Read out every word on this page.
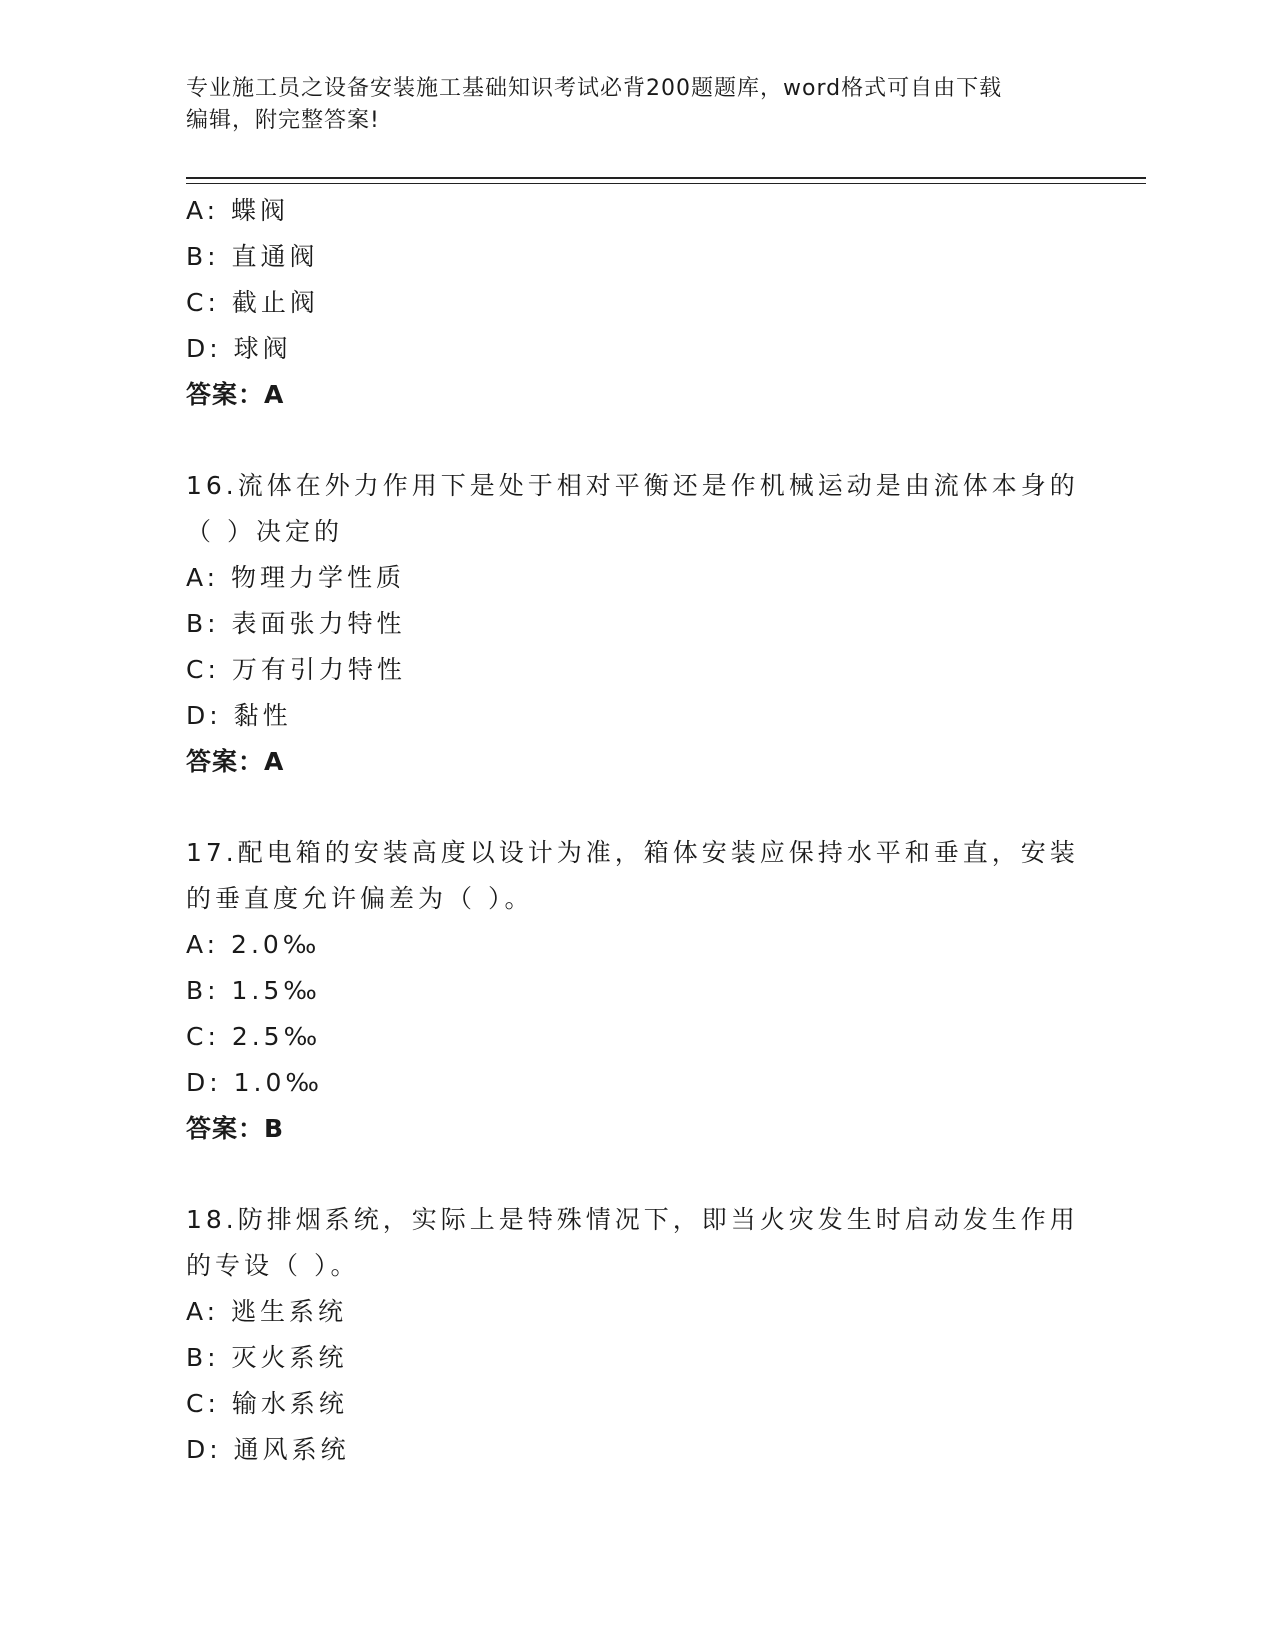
专业施工员之设备安装施工基础知识考试必背200题题库，word格式可自由下载
编辑，附完整答案!
A: 蝶阀
B: 直通阀
C: 截止阀
D: 球阀
答案：A
16.流体在外力作用下是处于相对平衡还是作机械运动是由流体本身的
（ ）决定的
A: 物理力学性质
B: 表面张力特性
C: 万有引力特性
D: 黏性
答案：A
17.配电箱的安装高度以设计为准，箱体安装应保持水平和垂直，安装
的垂直度允许偏差为（ ）。
A: 2.0‰
B: 1.5‰
C: 2.5‰
D: 1.0‰
答案：B
18.防排烟系统，实际上是特殊情况下，即当火灾发生时启动发生作用
的专设（ ）。
A: 逃生系统
B: 灭火系统
C: 输水系统
D: 通风系统
